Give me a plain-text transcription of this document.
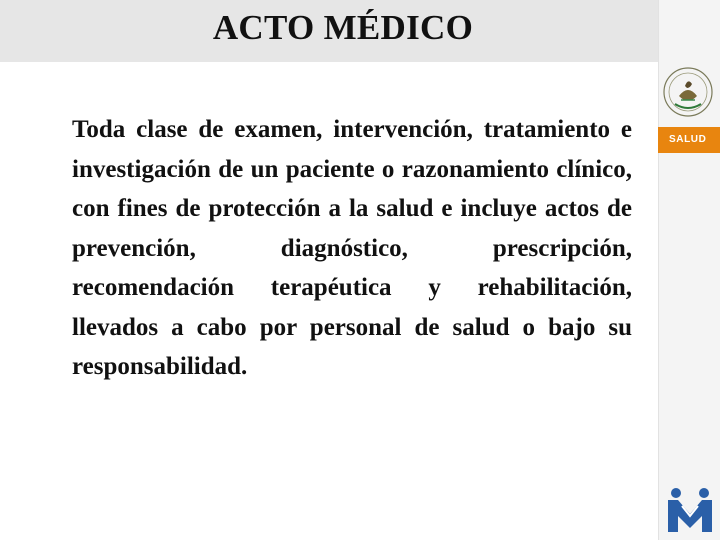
ACTO MÉDICO

Toda clase de examen, intervención, tratamiento e investigación de un paciente o razonamiento clínico, con fines de protección a la salud e incluye actos de prevención, diagnóstico, prescripción, recomendación terapéutica y rehabilitación, llevados a cabo por personal de salud o bajo su responsabilidad.

SALUD
